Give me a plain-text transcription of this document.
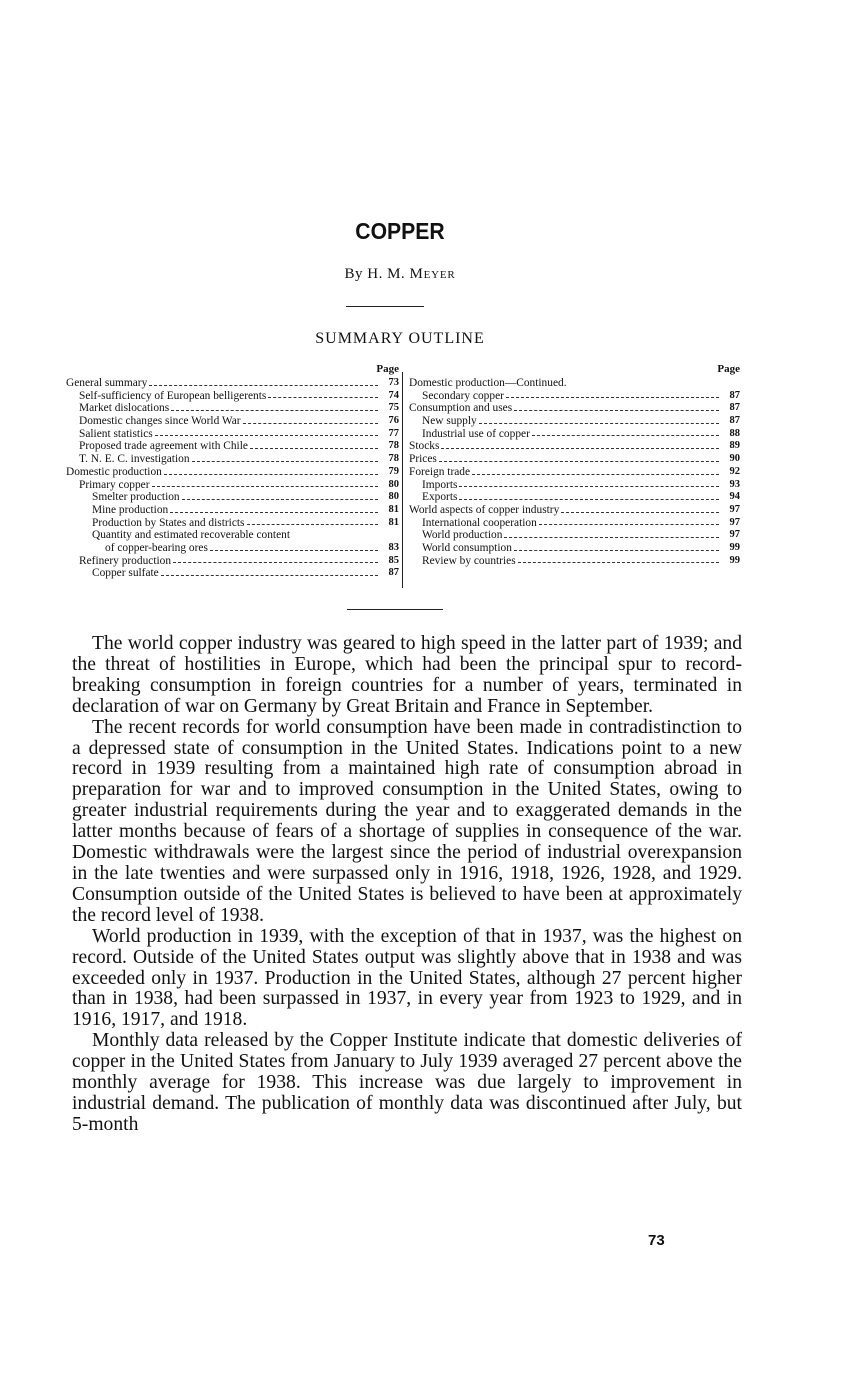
COPPER
By H. M. MEYER
SUMMARY OUTLINE
Page
General summary	73
Self-sufficiency of European belligerents	74
Market dislocations	75
Domestic changes since World War	76
Salient statistics	77
Proposed trade agreement with Chile	78
T. N. E. C. investigation	78
Domestic production	79
Primary copper	80
Smelter production	80
Mine production	81
Production by States and districts	81
Quantity and estimated recoverable content
of copper-bearing ores	83
Refinery production	85
Copper sulfate	87
Page
Domestic production—Continued.
Secondary copper	87
Consumption and uses	87
New supply	87
Industrial use of copper	88
Stocks	89
Prices	90
Foreign trade	92
Imports	93
Exports	94
World aspects of copper industry	97
International cooperation	97
World production	97
World consumption	99
Review by countries	99

The world copper industry was geared to high speed in the latter part of 1939; and the threat of hostilities in Europe, which had been the principal spur to record-breaking consumption in foreign countries for a number of years, terminated in declaration of war on Germany by Great Britain and France in September.

The recent records for world consumption have been made in contradistinction to a depressed state of consumption in the United States. Indications point to a new record in 1939 resulting from a maintained high rate of consumption abroad in preparation for war and to improved consumption in the United States, owing to greater industrial requirements during the year and to exaggerated demands in the latter months because of fears of a shortage of supplies in consequence of the war. Domestic withdrawals were the largest since the period of industrial overexpansion in the late twenties and were surpassed only in 1916, 1918, 1926, 1928, and 1929. Consumption outside of the United States is believed to have been at approximately the record level of 1938.

World production in 1939, with the exception of that in 1937, was the highest on record. Outside of the United States output was slightly above that in 1938 and was exceeded only in 1937. Production in the United States, although 27 percent higher than in 1938, had been surpassed in 1937, in every year from 1923 to 1929, and in 1916, 1917, and 1918.

Monthly data released by the Copper Institute indicate that domestic deliveries of copper in the United States from January to July 1939 averaged 27 percent above the monthly average for 1938. This increase was due largely to improvement in industrial demand. The publication of monthly data was discontinued after July, but 5-month

73
